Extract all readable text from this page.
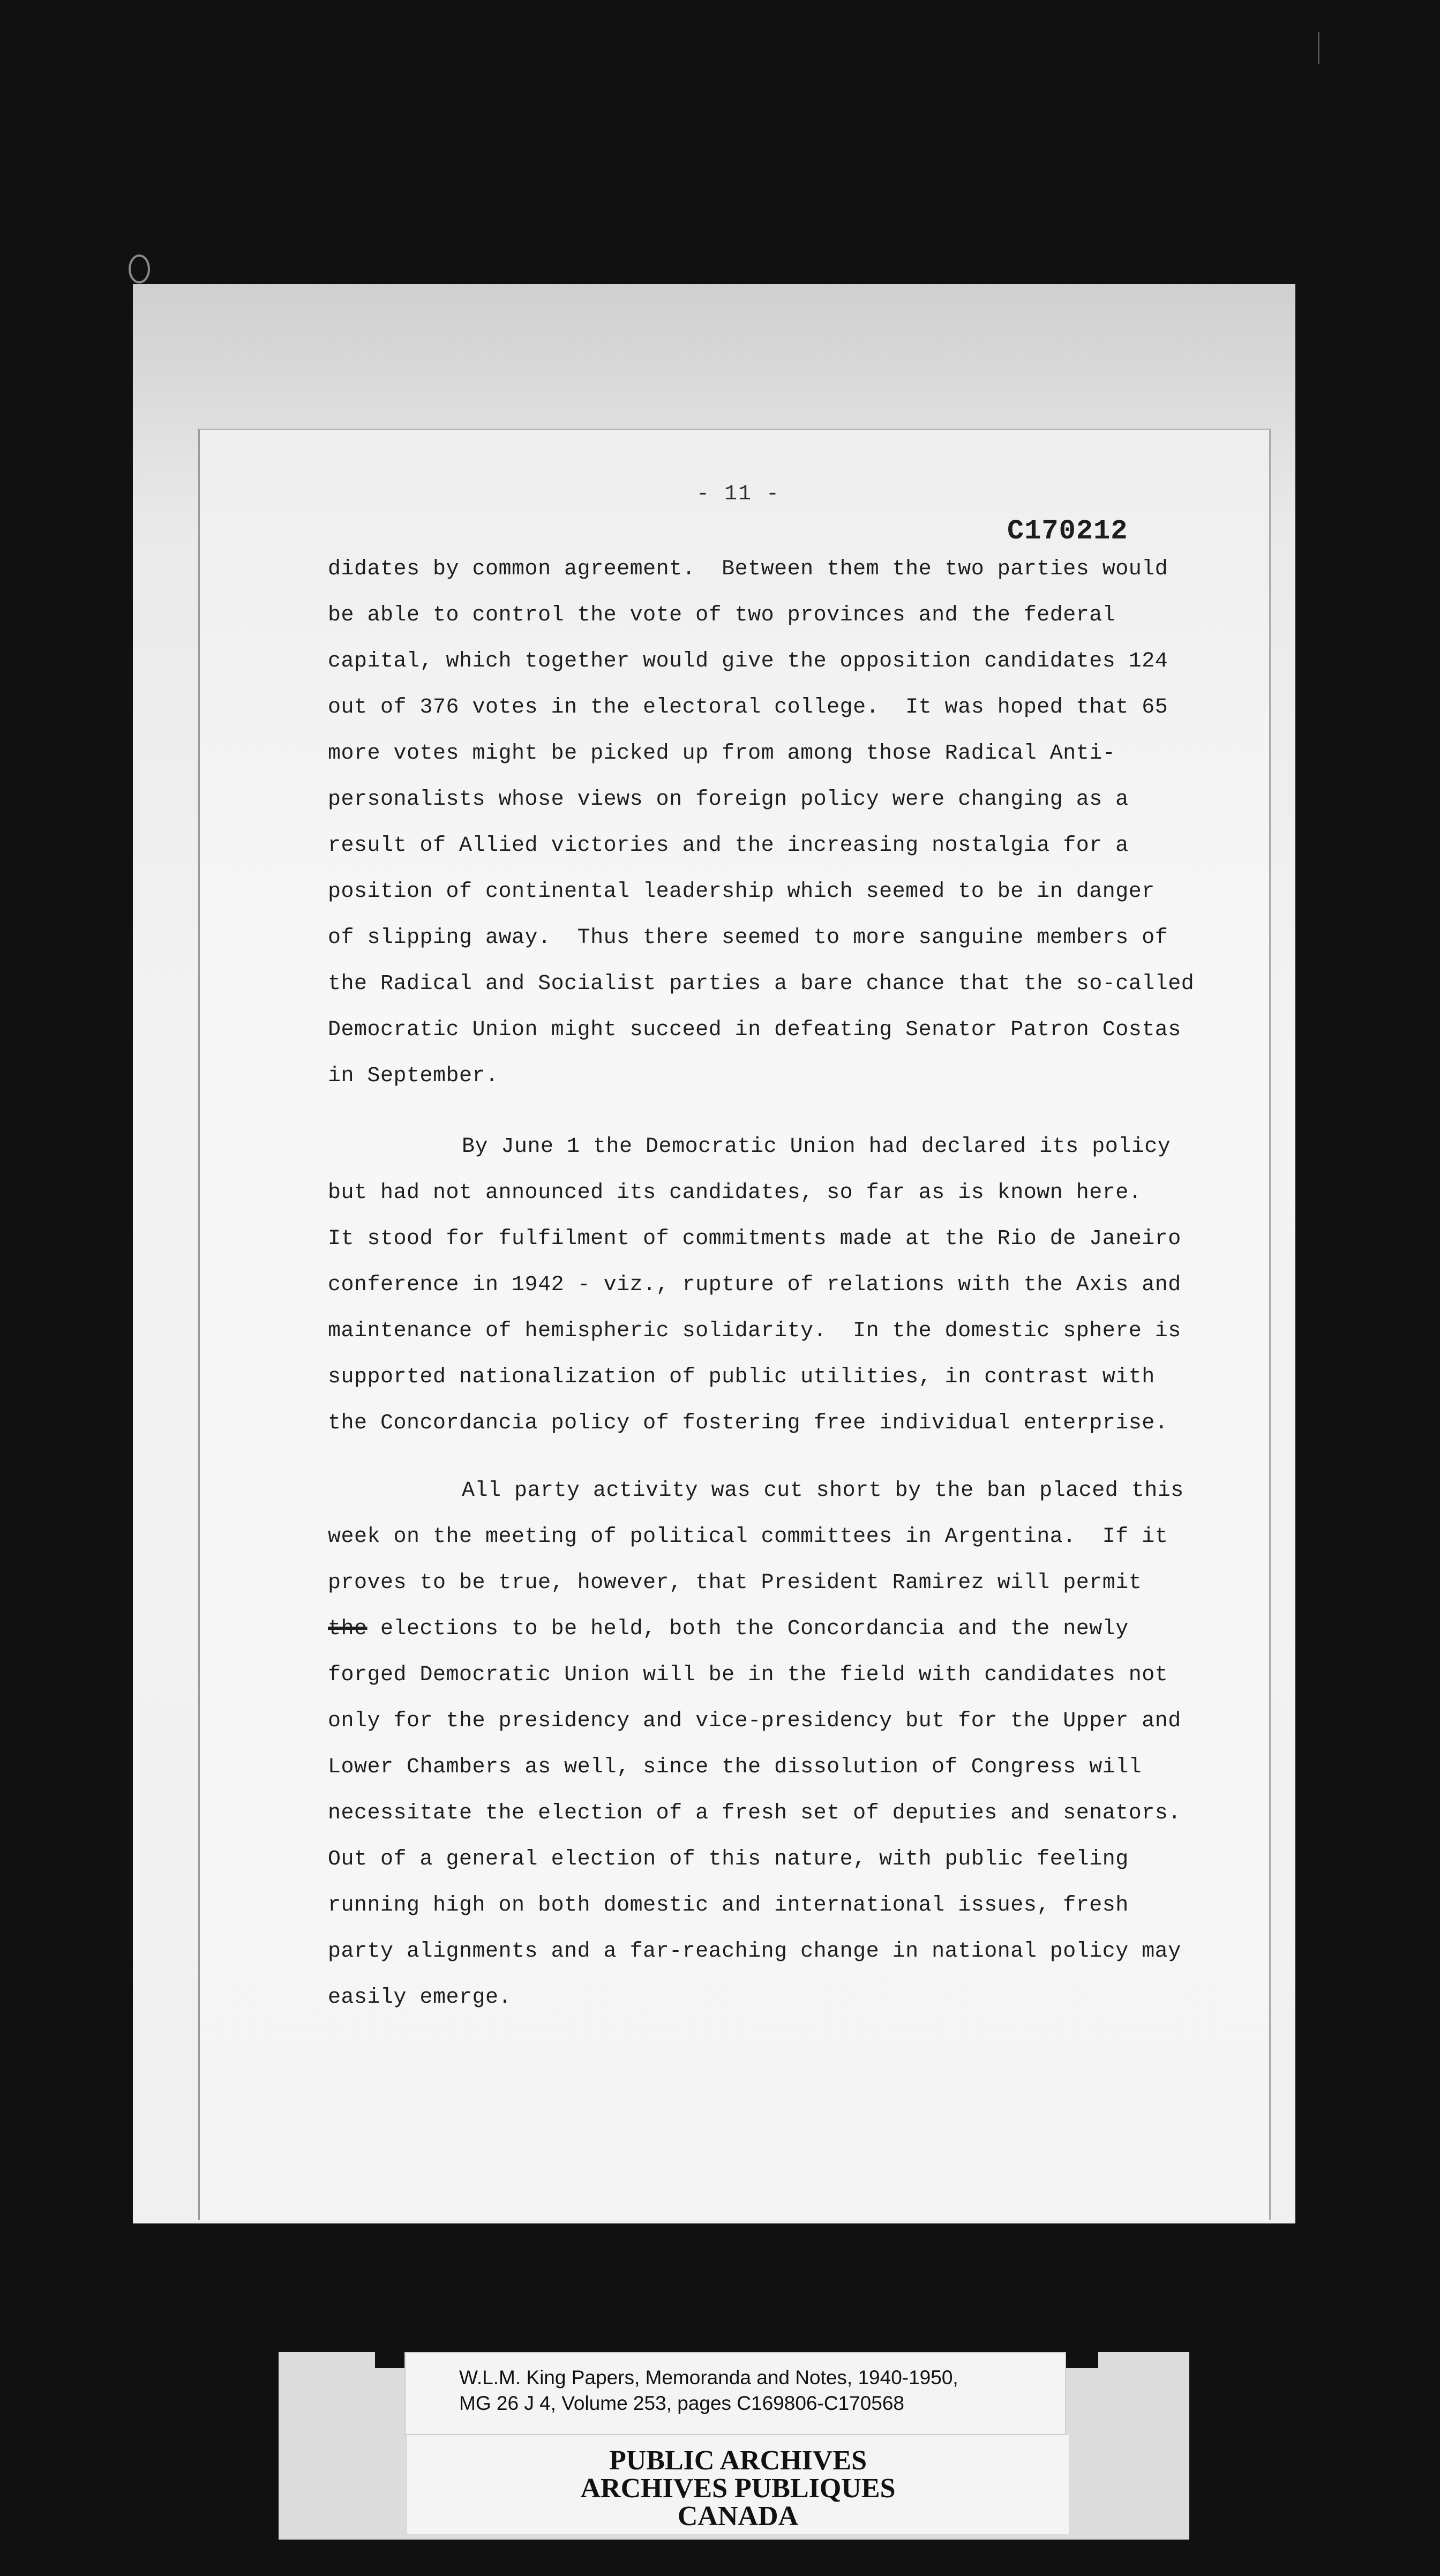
- 11 -
C170212
didates by common agreement.  Between them the two parties would
be able to control the vote of two provinces and the federal
capital, which together would give the opposition candidates 124
out of 376 votes in the electoral college.  It was hoped that 65
more votes might be picked up from among those Radical Anti-
personalists whose views on foreign policy were changing as a
result of Allied victories and the increasing nostalgia for a
position of continental leadership which seemed to be in danger
of slipping away.  Thus there seemed to more sanguine members of
the Radical and Socialist parties a bare chance that the so-called
Democratic Union might succeed in defeating Senator Patron Costas
in September.
By June 1 the Democratic Union had declared its policy
but had not announced its candidates, so far as is known here.
It stood for fulfilment of commitments made at the Rio de Janeiro
conference in 1942 - viz., rupture of relations with the Axis and
maintenance of hemispheric solidarity.  In the domestic sphere is
supported nationalization of public utilities, in contrast with
the Concordancia policy of fostering free individual enterprise.
All party activity was cut short by the ban placed this
week on the meeting of political committees in Argentina.  If it
proves to be true, however, that President Ramirez will permit
the elections to be held, both the Concordancia and the newly
forged Democratic Union will be in the field with candidates not
only for the presidency and vice-presidency but for the Upper and
Lower Chambers as well, since the dissolution of Congress will
necessitate the election of a fresh set of deputies and senators.
Out of a general election of this nature, with public feeling
running high on both domestic and international issues, fresh
party alignments and a far-reaching change in national policy may
easily emerge.
W.L.M. King Papers, Memoranda and Notes, 1940-1950,
MG 26 J 4, Volume 253, pages C169806-C170568
PUBLIC ARCHIVES
ARCHIVES PUBLIQUES
CANADA
